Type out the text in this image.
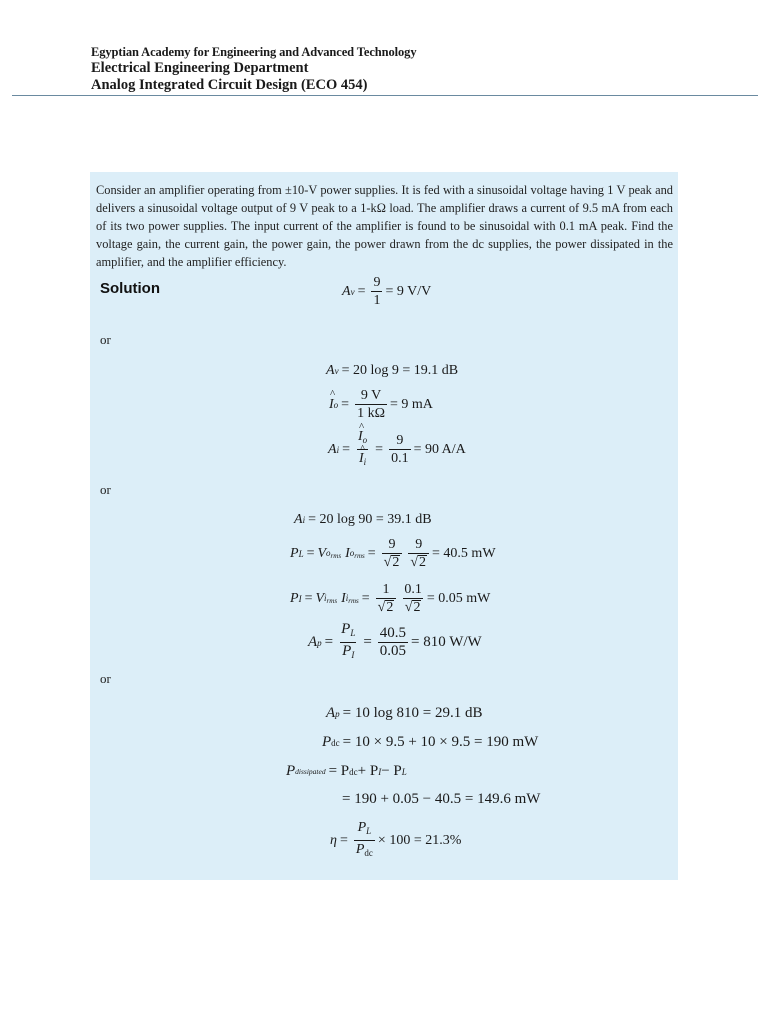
Egyptian Academy for Engineering and Advanced Technology
Electrical Engineering Department
Analog Integrated Circuit Design (ECO 454)
Consider an amplifier operating from ±10-V power supplies. It is fed with a sinusoidal voltage having 1 V peak and delivers a sinusoidal voltage output of 9 V peak to a 1-kΩ load. The amplifier draws a current of 9.5 mA from each of its two power supplies. The input current of the amplifier is found to be sinusoidal with 0.1 mA peak. Find the voltage gain, the current gain, the power gain, the power drawn from the dc supplies, the power dissipated in the amplifier, and the amplifier efficiency.
Solution	A $v = \frac{9}{1} = 9$ V/V
or
A v = 20 log 9 = 19.1 dB
I
^
$o = \frac{9 V}{1 k\Omega} = 9$ mA
A i = I
^
$_o$
I
^
$_i = \frac{9}{0.1} = 90$ A/A
or
A i = 20 log 90 = 39.1 dB
P L = V $o_{rms}$ I $o_{rms} = \frac{9}{√ 2} \frac{9}{√ 2} = 40.5$ mW
P I = V $i_{rms}$ I $i_{rms} = \frac{1}{√ 2} \frac{0.1}{√ 2} = 0.05$ mW
A $p = \frac{P_L}{P_I} = \frac{40.5}{0.05} = 810$ W/W
or
A p = 10 log 810 = 29.1 dB
P dc = 10 × 9.5 + 10 × 9.5 = 190 mW
P dissipated = P dc + P I − P L
= 190 + 0.05 − 40.5 = 149.6 mW
$\eta = \frac{P_L}{P_{dc}} \times 100 = 21.3\%$
